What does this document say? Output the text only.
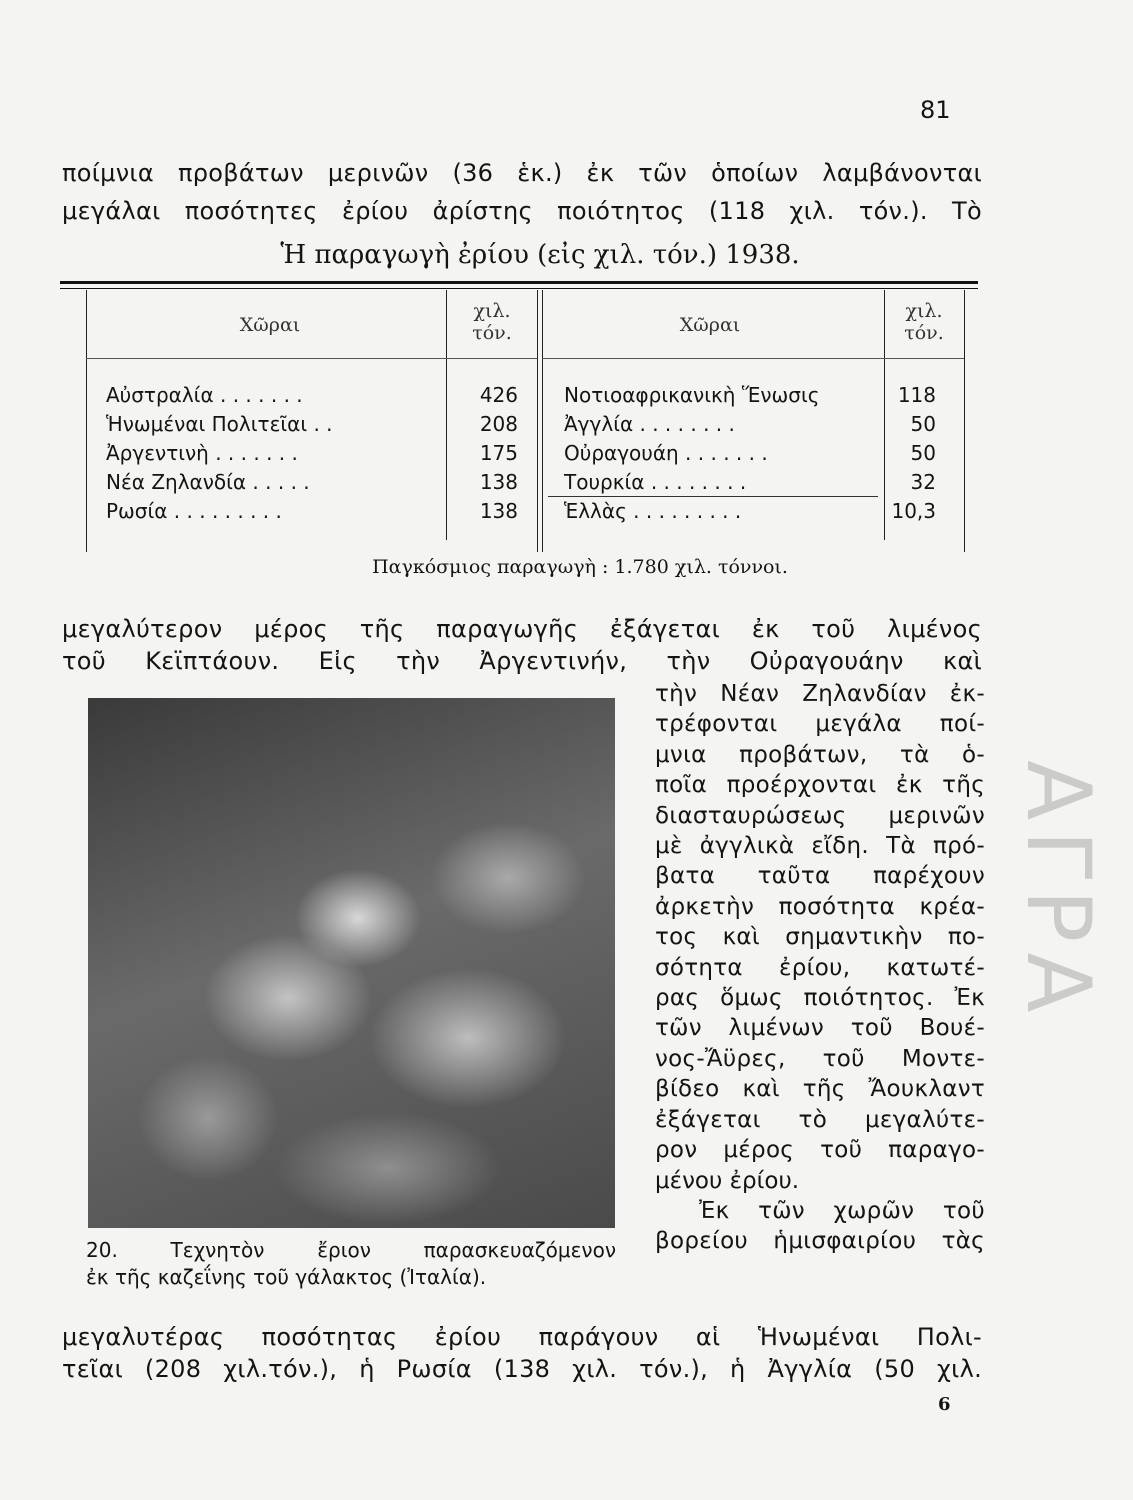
81
ποίμνια προβάτων μερινῶν (36 ἑκ.) ἐκ τῶν ὁποίων λαμβάνονται
μεγάλαι ποσότητες ἐρίου ἀρίστης ποιότητος (118 χιλ. τόν.). Τὸ
Ἡ παραγωγὴ ἐρίου (εἰς χιλ. τόν.) 1938.
Χῶραι
χιλ.
τόν.	Χῶραι
χιλ.
τόν.
Αὐστραλία . . . . . . .
Ἡνωμέναι Πολιτεῖαι . .
Ἀργεντινὴ . . . . . . .
Νέα Ζηλανδία . . . . .
Ρωσία . . . . . . . . .
426
208
175
138
138
Νοτιοαφρικανικὴ Ἕνωσις
Ἀγγλία . . . . . . . .
Οὐραγουάη . . . . . . .
Τουρκία . . . . . . . .
Ἑλλὰς . . . . . . . . .
118
50
50
32
10,3
Παγκόσμιος παραγωγὴ : 1.780 χιλ. τόννοι.
μεγαλύτερον μέρος τῆς παραγωγῆς ἐξάγεται ἐκ τοῦ λιμένος
τοῦ Κεϊπτάουν. Εἰς τὴν Ἀργεντινήν, τὴν Οὐραγουάην καὶ
τὴν Νέαν Ζηλανδίαν ἐκ-
τρέφονται μεγάλα ποί-
μνια προβάτων, τὰ ὁ-
ποῖα προέρχονται ἐκ τῆς
διασταυρώσεως μερινῶν
μὲ ἀγγλικὰ εἴδη. Τὰ πρό-
βατα ταῦτα παρέχουν
ἀρκετὴν ποσότητα κρέα-
τος καὶ σημαντικὴν πο-
σότητα ἐρίου, κατωτέ-
ρας ὅμως ποιότητος. Ἐκ
τῶν λιμένων τοῦ Βουέ-
νος-Ἄϋρες, τοῦ Μοντε-
βίδεο καὶ τῆς Ἄουκλαντ
ἐξάγεται τὸ μεγαλύτε-
ρον μέρος τοῦ παραγο-
μένου ἐρίου.
Ἐκ τῶν χωρῶν τοῦ
βορείου ἡμισφαιρίου τὰς
20. Τεχνητὸν ἔριον παρασκευαζόμενον
ἐκ τῆς καζεΐνης τοῦ γάλακτος (Ἰταλία).
μεγαλυτέρας ποσότητας ἐρίου παράγουν αἱ Ἡνωμέναι Πολι-
τεῖαι (208 χιλ.τόν.), ἡ Ρωσία (138 χιλ. τόν.), ἡ Ἀγγλία (50 χιλ.
6
ΑΓΡΑ
